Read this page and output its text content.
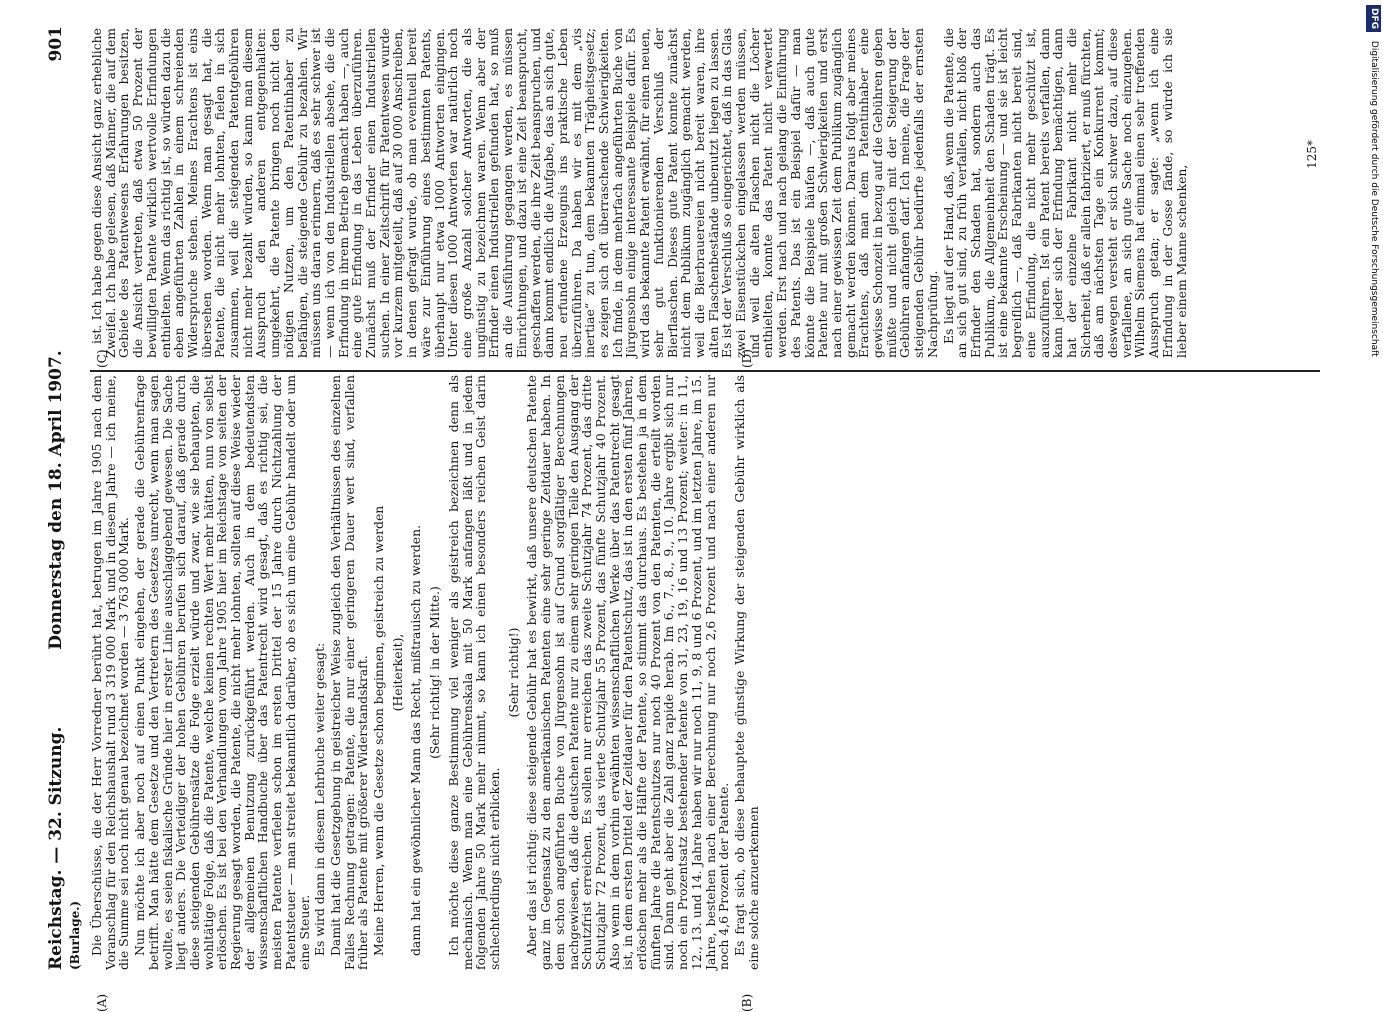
Reichstag. — 32. Sitzung.
Donnerstag den 18. April 1907.
901
(Burlage.)
(A)	(B)
(C)	(D)

Die Überschüsse, die der Herr Vorredner berührt hat, betrugen im Jahre 1905 nach dem Voranschlag für den Reichshaushalt rund 3 319 000 Mark und in diesem Jahre — ich meine, die Summe sei noch nicht genau bezeichnet worden — 3 763 000 Mark. Nun möchte ich aber noch auf einen Punkt eingehen, der gerade die Gebührenfrage betrifft. Man hätte dem Gesetze und den Vertretern des Gesetzes unrecht, wenn man sagen wollte, es seien fiskalische Gründe hier in erster Linie ausschlaggebend gewesen. Die Sache liegt anders. Die Verteidiger der hohen Gebühren berufen sich darauf, daß gerade durch diese steigenden Gebührensätze die Folge erzielt würde und zwar, wie sie behaupten, die wohltätige Folge, daß die Patente, welche keinen rechten Wert mehr hätten, nun von selbst erlöschen. Es ist bei den Verhandlungen vom Jahre 1905 hier im Reichstage von seiten der Regierung gesagt worden, die Patente, die nicht mehr lohnten, sollten auf diese Weise wieder der allgemeinen Benutzung zurückgeführt werden. Auch in dem bedeutendsten wissenschaftlichen Handbuche über das Patentrecht wird gesagt, daß es richtig sei, die meisten Patente verfielen schon im ersten Drittel der 15 Jahre durch Nichtzahlung der Patentsteuer — man streitet bekanntlich darüber, ob es sich um eine Gebühr handelt oder um eine Steuer. Es wird dann in diesem Lehrbuche weiter gesagt: Damit hat die Gesetzgebung in geistreicher Weise zugleich den Verhältnissen des einzelnen Falles Rechnung getragen: Patente, die nur einer geringeren Dauer wert sind, verfallen früher als Patente mit größerer Widerstandskraft. Meine Herren, wenn die Gesetze schon beginnen, geistreich zu werden (Heiterkeit), dann hat ein gewöhnlicher Mann das Recht, mißtrauisch zu werden. (Sehr richtig! in der Mitte.) Ich möchte diese ganze Bestimmung viel weniger als geistreich bezeichnen denn als mechanisch. Wenn man eine Gebührenskala mit 50 Mark anfangen läßt und in jedem folgenden Jahre 50 Mark mehr nimmt, so kann ich einen besonders reichen Geist darin schlechterdings nicht erblicken.

(Sehr richtig!) Aber das ist richtig: diese steigende Gebühr hat es bewirkt, daß unsere deutschen Patente ganz im Gegensatz zu den amerikanischen Patenten eine sehr geringe Zeitdauer haben. In dem schon angeführten Buche von Jürgensohn ist auf Grund sorgfältiger Berechnungen nachgewiesen, daß die deutschen Patente nur zu einem sehr geringen Teile den Ausgang der Schutzfrist erreichen. Es sollen nur erreichen das zweite Schutzjahr 74 Prozent, das dritte Schutzjahr 72 Prozent, das vierte Schutzjahr 55 Prozent, das fünfte Schutzjahr 40 Prozent. Also wenn in dem vorhin erwähnten wissenschaftlichen Werke über das Patentrecht gesagt ist, in dem ersten Drittel der Zeitdauer für den Patentschutz, das ist in den ersten fünf Jahren, erlöschen mehr als die Hälfte der Patente, so stimmt das durchaus. Es bestehen ja in dem fünften Jahre die Patentschutzes nur noch 40 Prozent von den Patenten, die erteilt worden sind. Dann geht aber die Zahl ganz rapide herab. Im 6., 7., 8., 9., 10. Jahre ergibt sich nur noch ein Prozentsatz bestehender Patente von 31, 23, 19, 16 und 13 Prozent; weiter: in 11., 12., 13. und 14. Jahre haben wir nur noch 11, 9, 8 und 6 Prozent, und im letzten Jahre, im 15. Jahre, bestehen nach einer Berechnung nur noch 2,6 Prozent und nach einer anderen nur noch 4,6 Prozent der Patente. Es fragt sich, ob diese behauptete günstige Wirkung der steigenden Gebühr wirklich als eine solche anzuerkennen

ist. Ich habe gegen diese Ansicht ganz erhebliche Zweifel. Ich habe gelesen, daß Männer, die auf dem Gebiete des Patentwesens Erfahrungen besitzen, die Ansicht vertreten, daß etwa 50 Prozent der bewilligten Patente wirklich wertvolle Erfindungen enthielten. Wenn das richtig ist, so würden dazu die eben angeführten Zahlen in einem schreienden Widerspruche stehen. Meines Erachtens ist eins übersehen worden. Wenn man gesagt hat, die Patente, die nicht mehr lohnten, fielen in sich zusammen, weil die steigenden Patentgebühren nicht mehr bezahlt würden, so kann man diesem Ausspruch den anderen entgegenhalten: umgekehrt, die Patente bringen noch nicht den nötigen Nutzen, um den Patentinhaber zu befähigen, die steigende Gebühr zu bezahlen. Wir müssen uns daran erinnern, daß es sehr schwer ist — wenn ich von den Industriellen absehe, die die Erfindung in ihrem Betrieb gemacht haben —, auch eine gute Erfindung in das Leben überzuführen. Zunächst muß der Erfinder einen Industriellen suchen. In einer Zeitschrift für Patentwesen wurde vor kurzem mitgeteilt, daß auf 30 000 Anschreiben, in denen gefragt wurde, ob man eventuell bereit wäre zur Einführung eines bestimmten Patents, überhaupt nur etwa 1000 Antworten eingingen. Unter diesen 1000 Antworten war natürlich noch eine große Anzahl solcher Antworten, die als ungünstig zu bezeichnen waren. Wenn aber der Erfinder einen Industriellen gefunden hat, so muß an die Ausführung gegangen werden, es müssen Einrichtungen, und dazu ist eine Zeit beansprucht, geschaffen werden, die ihre Zeit beanspruchen, und dann kommt endlich die Aufgabe, das an sich gute, neu erfundene Erzeugnis ins praktische Leben überzuführen. Da haben wir es mit dem „vis inertiae“ zu tun, dem bekannten Trägheitsgesetz; es zeigen sich oft überraschende Schwierigkeiten. Ich finde, in dem mehrfach angeführten Buche von Jürgensohn einige interessante Beispiele dafür. Es wird das bekannte Patent erwähnt, für einen neuen, sehr gut funktionierenden Verschluß der Bierflaschen. Dieses gute Patent konnte zunächst nicht dem Publikum zugänglich gemacht werden, weil die Bierbrauereien nicht bereit waren, ihre alten Flaschenbestände unbenutzt liegen zu lassen. Es ist der Verschluß so eingerichtet, daß in das Glas zwei Eisenstückchen eingelassen werden müssen, und weil die alten Flaschen nicht die Löcher enthielten, konnte das Patent nicht verwertet werden. Erst nach und nach gelang die Einführung des Patents. Das ist ein Beispiel dafür — man könnte die Beispiele häufen —, daß auch gute Patente nur mit großen Schwierigkeiten und erst nach einer gewissen Zeit dem Publikum zugänglich gemacht werden können. Daraus folgt aber meines Erachtens, daß man dem Patentinhaber eine gewisse Schonzeit in bezug auf die Gebühren geben müßte und nicht gleich mit der Steigerung der Gebühren anfangen darf. Ich meine, die Frage der steigenden Gebühr bedürfte jedenfalls der ernsten Nachprüfung. Es liegt auf der Hand, daß, wenn die Patente, die an sich gut sind, zu früh verfallen, nicht bloß der Erfinder den Schaden hat, sondern auch das Publikum, die Allgemeinheit den Schaden trägt. Es ist eine bekannte Erscheinung — und sie ist leicht begreiflich —, daß Fabrikanten nicht bereit sind, eine Erfindung, die nicht mehr geschützt ist, auszuführen. Ist ein Patent bereits verfallen, dann kann jeder sich der Erfindung bemächtigen, dann hat der einzelne Fabrikant nicht mehr die Sicherheit, daß er allein fabriziert, er muß fürchten, daß am nächsten Tage ein Konkurrent kommt; deswegen versteht er sich schwer dazu, auf diese verfallene, an sich gute Sache noch einzugehen. Wilhelm Siemens hat einmal einen sehr treffenden Ausspruch getan; er sagte: „wenn ich eine Erfindung in der Gosse fände, so würde ich sie lieber einem Manne schenken,

125*
DFG Digitalisierung gefördert durch die Deutsche Forschungsgemeinschaft
